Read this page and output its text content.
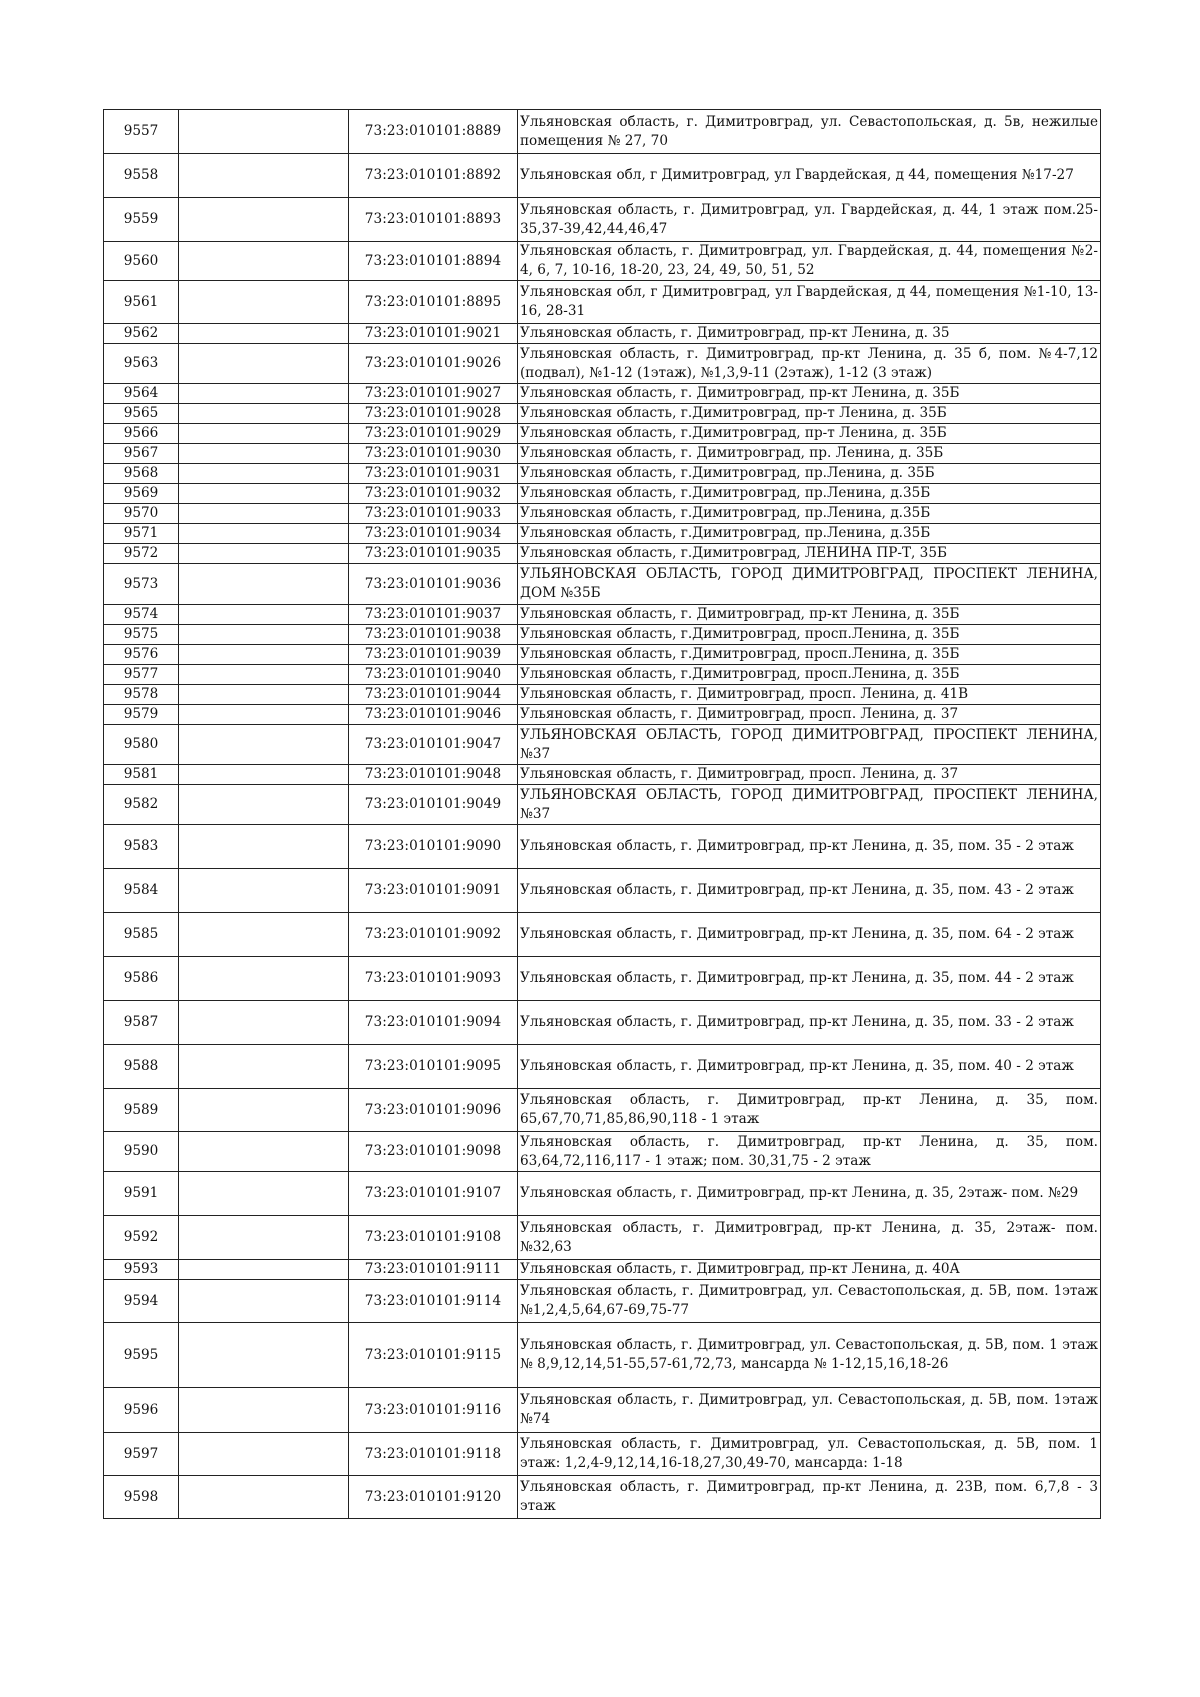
9557		73:23:010101:8889	Ульяновская область, г. Димитровград, ул. Севастопольская, д. 5в, нежилые помещения № 27, 70
9558		73:23:010101:8892	Ульяновская обл, г Димитровград, ул Гвардейская, д 44, помещения №17-27
9559		73:23:010101:8893	Ульяновская область, г. Димитровград, ул. Гвардейская, д. 44, 1 этаж пом.25-35,37-39,42,44,46,47
9560		73:23:010101:8894	Ульяновская область, г. Димитровград, ул. Гвардейская, д. 44, помещения №2-4, 6, 7, 10-16, 18-20, 23, 24, 49, 50, 51, 52
9561		73:23:010101:8895	Ульяновская обл, г Димитровград, ул Гвардейская, д 44, помещения №1-10, 13-16, 28-31
9562		73:23:010101:9021	Ульяновская область, г. Димитровград, пр-кт Ленина, д. 35
9563		73:23:010101:9026	Ульяновская область, г. Димитровград, пр-кт Ленина, д. 35 б, пом. №4-7,12 (подвал), №1-12 (1этаж), №1,3,9-11 (2этаж), 1-12 (3 этаж)
9564		73:23:010101:9027	Ульяновская область, г. Димитровград, пр-кт Ленина, д. 35Б
9565		73:23:010101:9028	Ульяновская область, г.Димитровград, пр-т Ленина, д. 35Б
9566		73:23:010101:9029	Ульяновская область, г.Димитровград, пр-т Ленина, д. 35Б
9567		73:23:010101:9030	Ульяновская область, г. Димитровград, пр. Ленина, д. 35Б
9568		73:23:010101:9031	Ульяновская область, г.Димитровград, пр.Ленина, д. 35Б
9569		73:23:010101:9032	Ульяновская область, г.Димитровград, пр.Ленина, д.35Б
9570		73:23:010101:9033	Ульяновская область, г.Димитровград, пр.Ленина, д.35Б
9571		73:23:010101:9034	Ульяновская область, г.Димитровград, пр.Ленина, д.35Б
9572		73:23:010101:9035	Ульяновская область, г.Димитровград, ЛЕНИНА ПР-Т, 35Б
9573		73:23:010101:9036	УЛЬЯНОВСКАЯ ОБЛАСТЬ, ГОРОД ДИМИТРОВГРАД, ПРОСПЕКТ ЛЕНИНА, ДОМ №35Б
9574		73:23:010101:9037	Ульяновская область, г. Димитровград, пр-кт Ленина, д. 35Б
9575		73:23:010101:9038	Ульяновская область, г.Димитровград, просп.Ленина, д. 35Б
9576		73:23:010101:9039	Ульяновская область, г.Димитровград, просп.Ленина, д. 35Б
9577		73:23:010101:9040	Ульяновская область, г.Димитровград, просп.Ленина, д. 35Б
9578		73:23:010101:9044	Ульяновская область, г. Димитровград, просп. Ленина, д. 41В
9579		73:23:010101:9046	Ульяновская область, г. Димитровград, просп. Ленина, д. 37
9580		73:23:010101:9047	УЛЬЯНОВСКАЯ ОБЛАСТЬ, ГОРОД ДИМИТРОВГРАД, ПРОСПЕКТ ЛЕНИНА, №37
9581		73:23:010101:9048	Ульяновская область, г. Димитровград, просп. Ленина, д. 37
9582		73:23:010101:9049	УЛЬЯНОВСКАЯ ОБЛАСТЬ, ГОРОД ДИМИТРОВГРАД, ПРОСПЕКТ ЛЕНИНА, №37
9583		73:23:010101:9090	Ульяновская область, г. Димитровград, пр-кт Ленина, д. 35, пом. 35 - 2 этаж
9584		73:23:010101:9091	Ульяновская область, г. Димитровград, пр-кт Ленина, д. 35, пом. 43 - 2 этаж
9585		73:23:010101:9092	Ульяновская область, г. Димитровград, пр-кт Ленина, д. 35, пом. 64 - 2 этаж
9586		73:23:010101:9093	Ульяновская область, г. Димитровград, пр-кт Ленина, д. 35, пом. 44 - 2 этаж
9587		73:23:010101:9094	Ульяновская область, г. Димитровград, пр-кт Ленина, д. 35, пом. 33 - 2 этаж
9588		73:23:010101:9095	Ульяновская область, г. Димитровград, пр-кт Ленина, д. 35, пом. 40 - 2 этаж
9589		73:23:010101:9096	Ульяновская область, г. Димитровград, пр-кт Ленина, д. 35, пом. 65,67,70,71,85,86,90,118 - 1 этаж
9590		73:23:010101:9098	Ульяновская область, г. Димитровград, пр-кт Ленина, д. 35, пом. 63,64,72,116,117 - 1 этаж; пом. 30,31,75 - 2 этаж
9591		73:23:010101:9107	Ульяновская область, г. Димитровград, пр-кт Ленина, д. 35, 2этаж- пом. №29
9592		73:23:010101:9108	Ульяновская область, г. Димитровград, пр-кт Ленина, д. 35, 2этаж- пом. №32,63
9593		73:23:010101:9111	Ульяновская область, г. Димитровград, пр-кт Ленина, д. 40А
9594		73:23:010101:9114	Ульяновская область, г. Димитровград, ул. Севастопольская, д. 5В, пом. 1этаж №1,2,4,5,64,67-69,75-77
9595		73:23:010101:9115	Ульяновская область, г. Димитровград, ул. Севастопольская, д. 5В, пом. 1 этаж № 8,9,12,14,51-55,57-61,72,73, мансарда № 1-12,15,16,18-26
9596		73:23:010101:9116	Ульяновская область, г. Димитровград, ул. Севастопольская, д. 5В, пом. 1этаж №74
9597		73:23:010101:9118	Ульяновская область, г. Димитровград, ул. Севастопольская, д. 5В, пом. 1 этаж: 1,2,4-9,12,14,16-18,27,30,49-70, мансарда: 1-18
9598		73:23:010101:9120	Ульяновская область, г. Димитровград, пр-кт Ленина, д. 23В, пом. 6,7,8 - 3 этаж
